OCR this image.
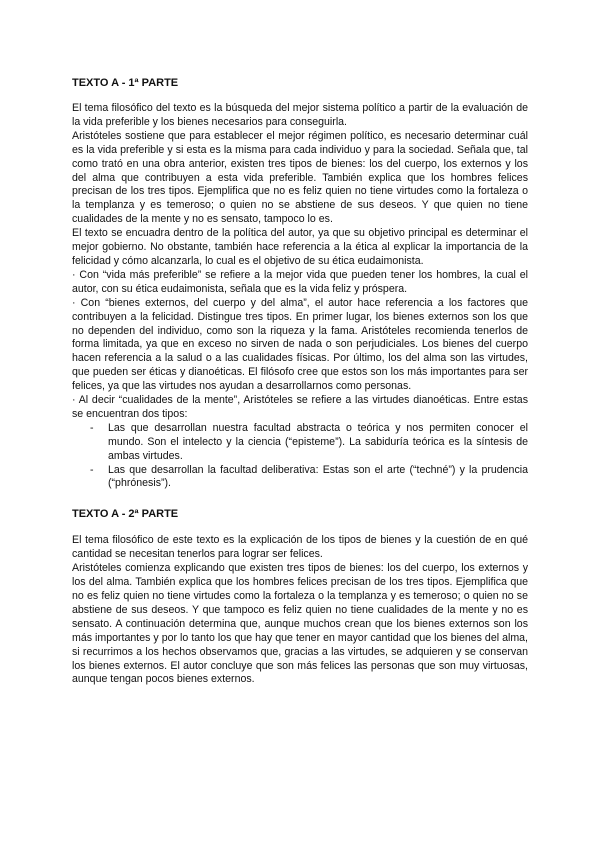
TEXTO A - 1ª PARTE

El tema filosófico del texto es la búsqueda del mejor sistema político a partir de la evaluación de la vida preferible y los bienes necesarios para conseguirla.

Aristóteles sostiene que para establecer el mejor régimen político, es necesario determinar cuál es la vida preferible y si esta es la misma para cada individuo y para la sociedad. Señala que, tal como trató en una obra anterior, existen tres tipos de bienes: los del cuerpo, los externos y los del alma que contribuyen a esta vida preferible. También explica que los hombres felices precisan de los tres tipos. Ejemplifica que no es feliz quien no tiene virtudes como la fortaleza o la templanza y es temeroso; o quien no se abstiene de sus deseos. Y que quien no tiene cualidades de la mente y no es sensato, tampoco lo es.

El texto se encuadra dentro de la política del autor, ya que su objetivo principal es determinar el mejor gobierno. No obstante, también hace referencia a la ética al explicar la importancia de la felicidad y cómo alcanzarla, lo cual es el objetivo de su ética eudaimonista.

· Con “vida más preferible” se refiere a la mejor vida que pueden tener los hombres, la cual el autor, con su ética eudaimonista, señala que es la vida feliz y próspera.

· Con “bienes externos, del cuerpo y del alma”, el autor hace referencia a los factores que contribuyen a la felicidad. Distingue tres tipos. En primer lugar, los bienes externos son los que no dependen del individuo, como son la riqueza y la fama. Aristóteles recomienda tenerlos de forma limitada, ya que en exceso no sirven de nada o son perjudiciales. Los bienes del cuerpo hacen referencia a la salud o a las cualidades físicas. Por último, los del alma son las virtudes, que pueden ser éticas y dianoéticas. El filósofo cree que estos son los más importantes para ser felices, ya que las virtudes nos ayudan a desarrollarnos como personas.

· Al decir “cualidades de la mente”, Aristóteles se refiere a las virtudes dianoéticas. Entre estas se encuentran dos tipos:

- Las que desarrollan nuestra facultad abstracta o teórica y nos permiten conocer el mundo. Son el intelecto y la ciencia (“episteme”). La sabiduría teórica es la síntesis de ambas virtudes.
- Las que desarrollan la facultad deliberativa: Estas son el arte (“techné”) y la prudencia (“phrónesis”).
TEXTO A - 2ª PARTE

El tema filosófico de este texto es la explicación de los tipos de bienes y la cuestión de en qué cantidad se necesitan tenerlos para lograr ser felices.

Aristóteles comienza explicando que existen tres tipos de bienes: los del cuerpo, los externos y los del alma. También explica que los hombres felices precisan de los tres tipos. Ejemplifica que no es feliz quien no tiene virtudes como la fortaleza o la templanza y es temeroso; o quien no se abstiene de sus deseos. Y que tampoco es feliz quien no tiene cualidades de la mente y no es sensato. A continuación determina que, aunque muchos crean que los bienes externos son los más importantes y por lo tanto los que hay que tener en mayor cantidad que los bienes del alma, si recurrimos a los hechos observamos que, gracias a las virtudes, se adquieren y se conservan los bienes externos. El autor concluye que son más felices las personas que son muy virtuosas, aunque tengan pocos bienes externos.
